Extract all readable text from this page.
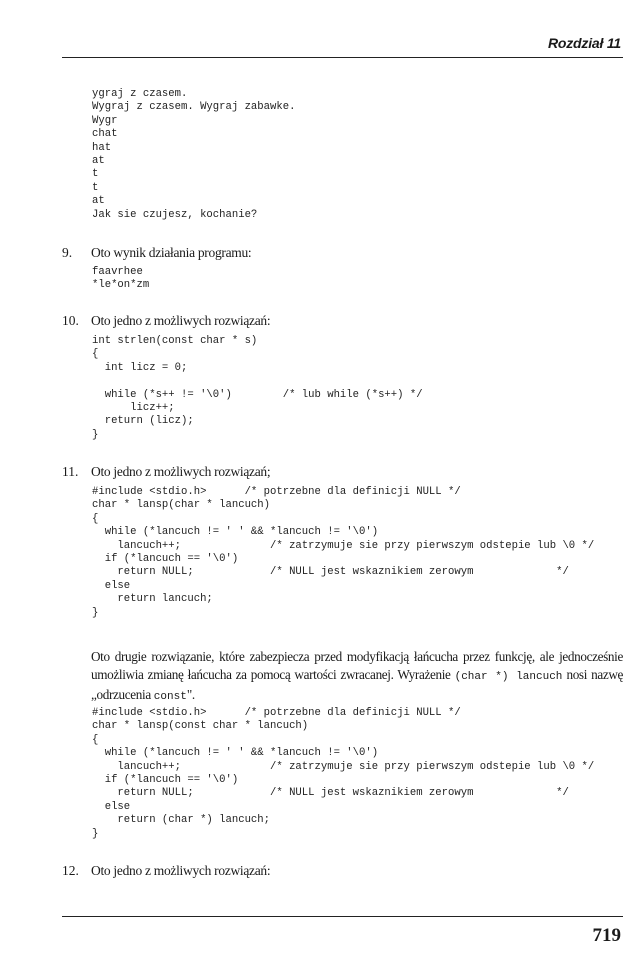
Rozdział 11
ygraj z czasem.
Wygraj z czasem. Wygraj zabawke.
Wygr
chat
hat
at
t
t
at
Jak sie czujesz, kochanie?
9. Oto wynik działania programu:
faavrhee
*le*on*zm
10. Oto jedno z możliwych rozwiązań:
int strlen(const char * s)
{
int licz = 0;

while (*s++ != '\0')        /* lub while (*s++) */
licz++;
return (licz);
}
11. Oto jedno z możliwych rozwiązań;
#include <stdio.h>      /* potrzebne dla definicji NULL */
char * lansp(char * lancuch)
{
while (*lancuch != ' ' && *lancuch != '\0')
lancuch++;              /* zatrzymuje sie przy pierwszym odstepie lub \0 */
if (*lancuch == '\0')
return NULL;            /* NULL jest wskaznikiem zerowym             */
else
return lancuch;
}

Oto drugie rozwiązanie, które zabezpiecza przed modyfikacją łańcucha przez funkcję, ale jednocześnie umożliwia zmianę łańcucha za pomocą wartości zwracanej. Wyrażenie (char *) lancuch nosi nazwę „odrzucenia const".

#include <stdio.h>      /* potrzebne dla definicji NULL */
char * lansp(const char * lancuch)
{
while (*lancuch != ' ' && *lancuch != '\0')
lancuch++;              /* zatrzymuje sie przy pierwszym odstepie lub \0 */
if (*lancuch == '\0')
return NULL;            /* NULL jest wskaznikiem zerowym             */
else
return (char *) lancuch;
}
12. Oto jedno z możliwych rozwiązań:
719
